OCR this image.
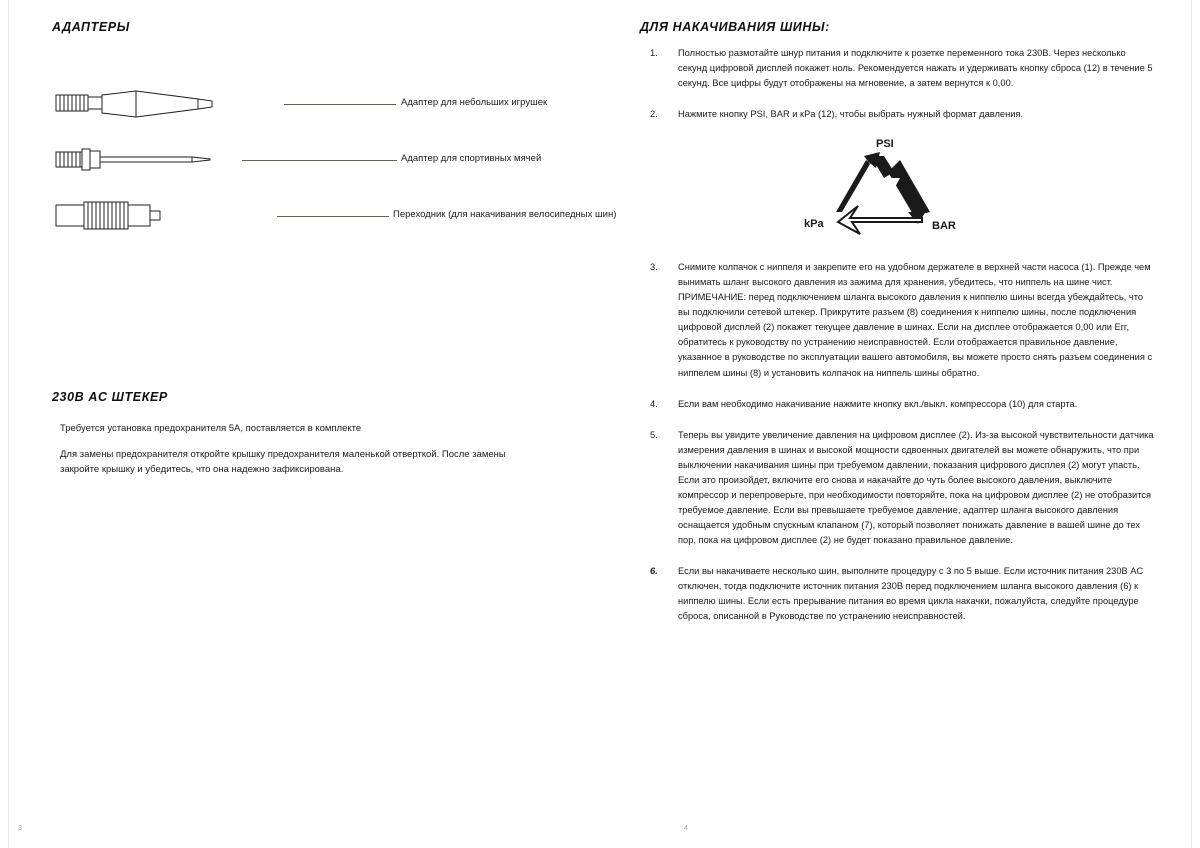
АДАПТЕРЫ
Адаптер для небольших игрушек
Адаптер для спортивных мячей
Переходник (для накачивания велосипедных шин)
230В AC ШТЕКЕР

Требуется установка предохранителя 5А, поставляется в комплекте

Для замены предохранителя откройте крышку предохранителя маленькой отверткой. После замены закройте крышку и убедитесь, что она надежно зафиксирована.

ДЛЯ НАКАЧИВАНИЯ ШИНЫ:
1. Полностью размотайте шнур питания и подключите к розетке переменного тока 230В. Через несколько секунд цифровой дисплей покажет ноль. Рекомендуется нажать и удерживать кнопку сброса (12) в течение 5 секунд. Все цифры будут отображены на мгновение, а затем вернутся к 0,00.
2. Нажмите кнопку PSI, BAR и кPa (12), чтобы выбрать нужный формат давления.
PSI
kPa	BAR
3. Снимите колпачок с ниппеля и закрепите его на удобном держателе в верхней части насоса (1). Прежде чем вынимать шланг высокого давления из зажима для хранения, убедитесь, что ниппель на шине чист. ПРИМЕЧАНИЕ: перед подключением шланга высокого давления к ниппелю шины всегда убеждайтесь, что вы подключили сетевой штекер. Прикрутите разъем (8) соединения к ниппелю шины, после подключения цифровой дисплей (2) покажет текущее давление в шинах. Если на дисплее отображается 0,00 или Err, обратитесь к руководству по устранению неисправностей. Если отображается правильное давление, указанное в руководстве по эксплуатации вашего автомобиля, вы можете просто снять разъем соединения с ниппелем шины (8) и установить колпачок на ниппель шины обратно.
4. Если вам необходимо накачивание нажмите кнопку вкл./выкл. компрессора (10) для старта.
5. Теперь вы увидите увеличение давления на цифровом дисплее (2). Из-за высокой чувствительности датчика измерения давления в шинах и высокой мощности сдвоенных двигателей вы можете обнаружить, что при выключении накачивания шины при требуемом давлении, показания цифрового дисплея (2) могут упасть. Если это произойдет, включите его снова и накачайте до чуть более высокого давления, выключите компрессор и перепроверьте, при необходимости повторяйте, пока на цифровом дисплее (2) не отобразится требуемое давление. Если вы превышаете требуемое давление, адаптер шланга высокого давления оснащается удобным спускным клапаном (7), который позволяет понижать давление в вашей шине до тех пор, пока на цифровом дисплее (2) не будет показано правильное давление.
6. Если вы накачиваете несколько шин, выполните процедуру с 3 по 5 выше. Если источник питания 230В AC отключен, тогда подключите источник питания 230В перед подключением шланга высокого давления (6) к ниппелю шины. Если есть прерывание питания во время цикла накачки, пожалуйста, следуйте процедуре сброса, описанной в Руководстве по устранению неисправностей.
3	4
